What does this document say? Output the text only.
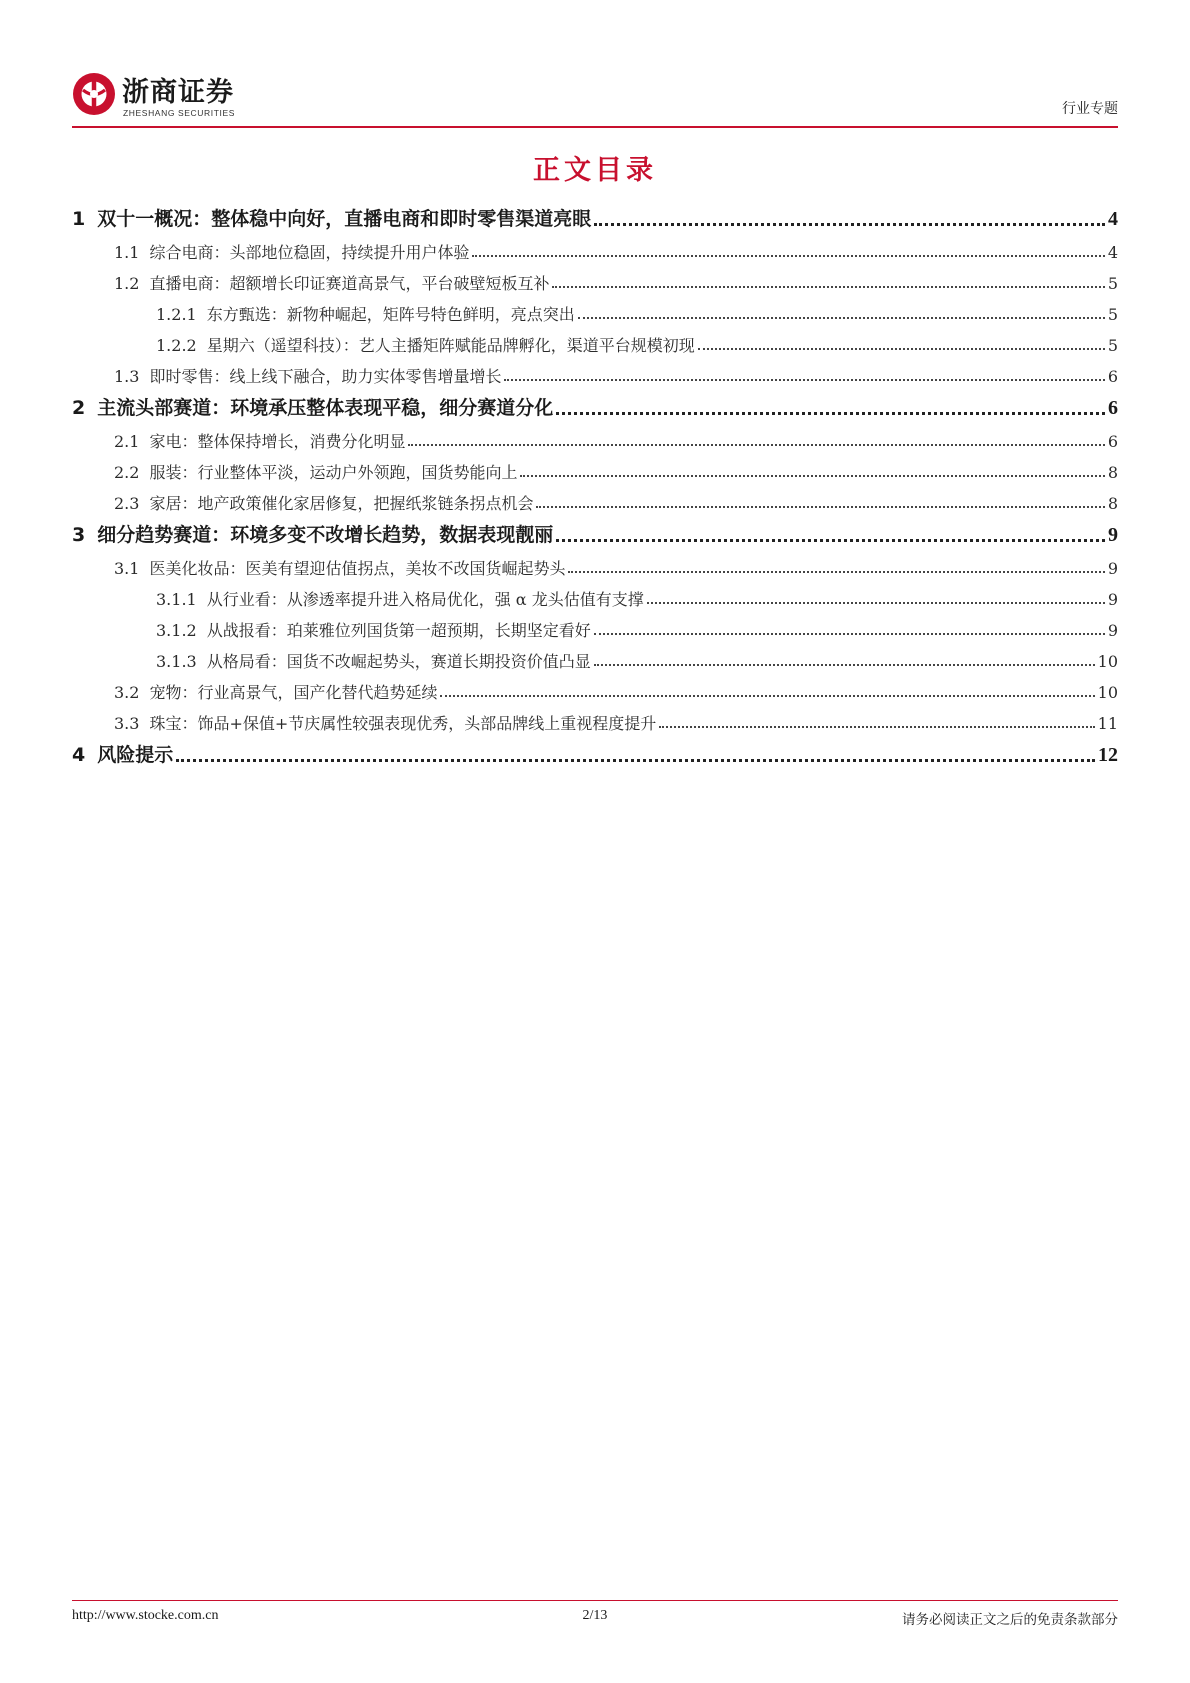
浙商证券
ZHESHANG SECURITIES	行业专题
正文目录
1 双十一概况：整体稳中向好，直播电商和即时零售渠道亮眼	4
1.1 综合电商：头部地位稳固，持续提升用户体验	4
1.2 直播电商：超额增长印证赛道高景气，平台破壁短板互补	5
1.2.1 东方甄选：新物种崛起，矩阵号特色鲜明，亮点突出	5
1.2.2 星期六（遥望科技）：艺人主播矩阵赋能品牌孵化，渠道平台规模初现	5
1.3 即时零售：线上线下融合，助力实体零售增量增长	6
2 主流头部赛道：环境承压整体表现平稳，细分赛道分化	6
2.1 家电：整体保持增长，消费分化明显	6
2.2 服装：行业整体平淡，运动户外领跑，国货势能向上	8
2.3 家居：地产政策催化家居修复，把握纸浆链条拐点机会	8
3 细分趋势赛道：环境多变不改增长趋势，数据表现靓丽	9
3.1 医美化妆品：医美有望迎估值拐点，美妆不改国货崛起势头	9
3.1.1 从行业看：从渗透率提升进入格局优化，强 α 龙头估值有支撑	9
3.1.2 从战报看：珀莱雅位列国货第一超预期，长期坚定看好	9
3.1.3 从格局看：国货不改崛起势头，赛道长期投资价值凸显	10
3.2 宠物：行业高景气，国产化替代趋势延续	10
3.3 珠宝：饰品+保值+节庆属性较强表现优秀，头部品牌线上重视程度提升	11
4 风险提示	12
http://www.stocke.com.cn	2/13	请务必阅读正文之后的免责条款部分
